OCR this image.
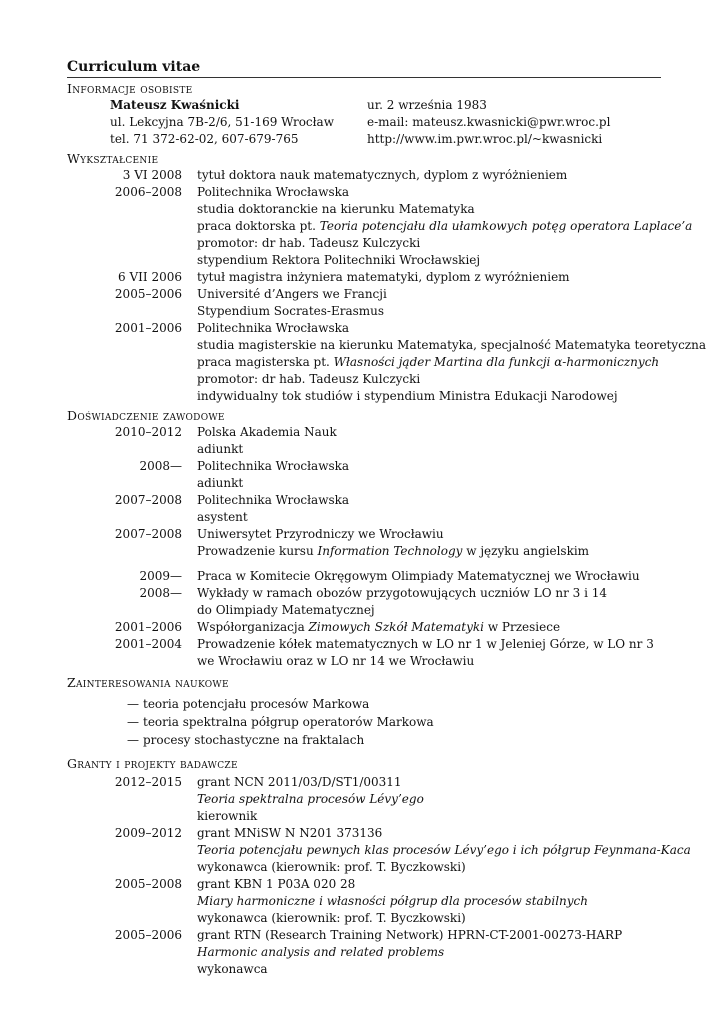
Curriculum vitae
Informacje osobiste
Mateusz Kwaśnicki	ur. 2 września 1983
ul. Lekcyjna 7B-2/6, 51-169 Wrocław	e-mail: mateusz.kwasnicki@pwr.wroc.pl
tel. 71 372-62-02, 607-679-765	http://www.im.pwr.wroc.pl/~kwasnicki
Wykształcenie
3 VI 2008 tytuł doktora nauk matematycznych, dyplom z wyróżnieniem
2006–2008 Politechnika Wrocławska
studia doktoranckie na kierunku Matematyka
praca doktorska pt. Teoria potencjału dla ułamkowych potęg operatora Laplace’a
promotor: dr hab. Tadeusz Kulczycki
stypendium Rektora Politechniki Wrocławskiej
6 VII 2006 tytuł magistra inżyniera matematyki, dyplom z wyróżnieniem
2005–2006 Université d’Angers we Francji
Stypendium Socrates-Erasmus
2001–2006 Politechnika Wrocławska
studia magisterskie na kierunku Matematyka, specjalność Matematyka teoretyczna
praca magisterska pt. Własności jąder Martina dla funkcji α-harmonicznych
promotor: dr hab. Tadeusz Kulczycki
indywidualny tok studiów i stypendium Ministra Edukacji Narodowej
Doświadczenie zawodowe
2010–2012 Polska Akademia Nauk
adiunkt
2008— Politechnika Wrocławska
adiunkt
2007–2008 Politechnika Wrocławska
asystent
2007–2008 Uniwersytet Przyrodniczy we Wrocławiu
Prowadzenie kursu Information Technology w języku angielskim
2009— Praca w Komitecie Okręgowym Olimpiady Matematycznej we Wrocławiu
2008— Wykłady w ramach obozów przygotowujących uczniów LO nr 3 i 14
do Olimpiady Matematycznej
2001–2006 Współorganizacja Zimowych Szkół Matematyki w Przesiece
2001–2004 Prowadzenie kółek matematycznych w LO nr 1 w Jeleniej Górze, w LO nr 3
we Wrocławiu oraz w LO nr 14 we Wrocławiu
Zainteresowania naukowe
— teoria potencjału procesów Markowa
— teoria spektralna półgrup operatorów Markowa
— procesy stochastyczne na fraktalach
Granty i projekty badawcze
2012–2015 grant NCN 2011/03/D/ST1/00311
Teoria spektralna procesów Lévy’ego
kierownik
2009–2012 grant MNiSW N N201 373136
Teoria potencjału pewnych klas procesów Lévy’ego i ich półgrup Feynmana-Kaca
wykonawca (kierownik: prof. T. Byczkowski)
2005–2008 grant KBN 1 P03A 020 28
Miary harmoniczne i własności półgrup dla procesów stabilnych
wykonawca (kierownik: prof. T. Byczkowski)
2005–2006 grant RTN (Research Training Network) HPRN-CT-2001-00273-HARP
Harmonic analysis and related problems
wykonawca
